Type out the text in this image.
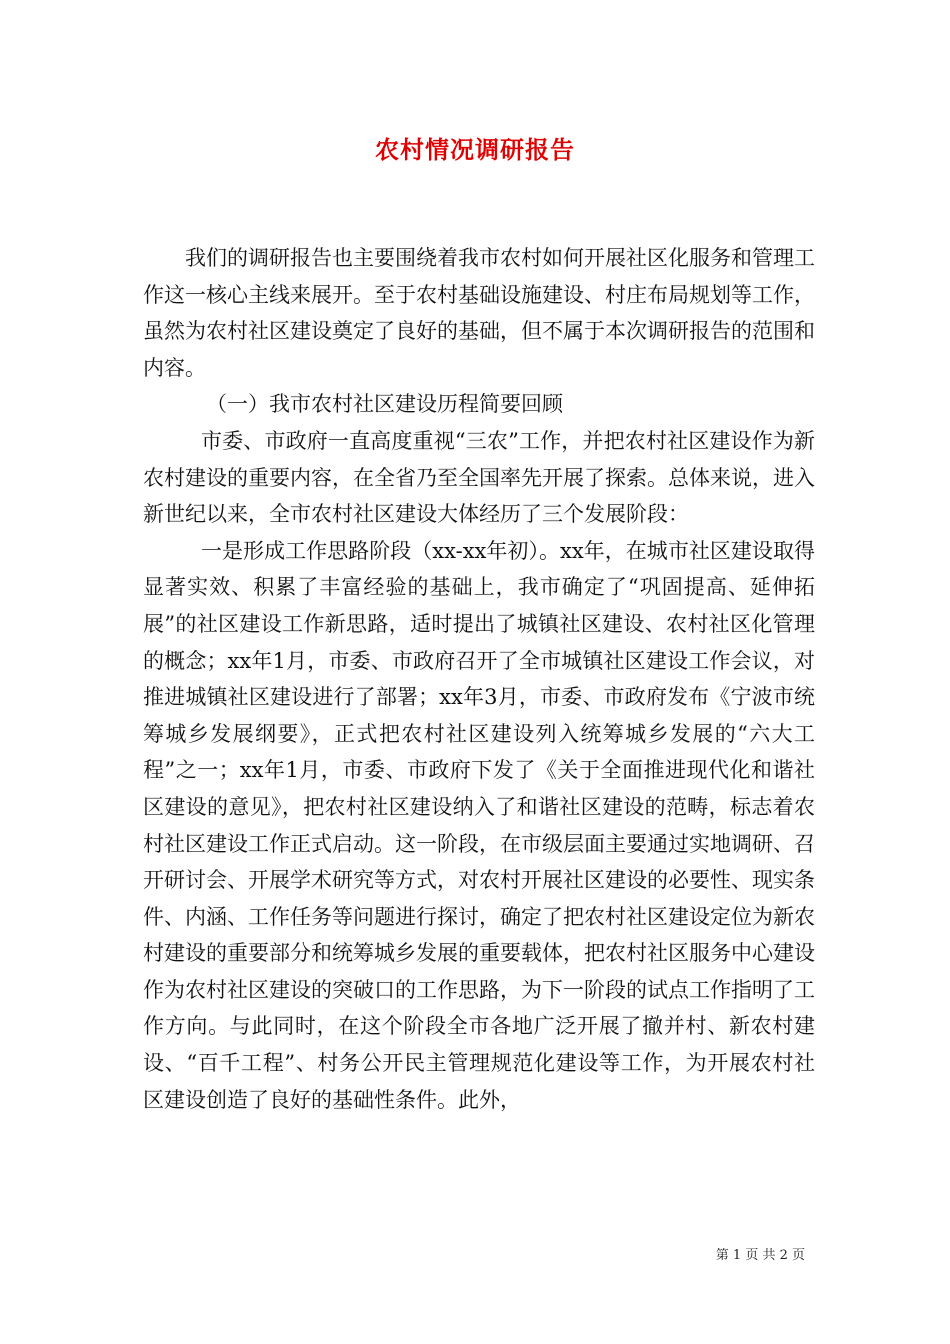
农村情况调研报告

我们的调研报告也主要围绕着我市农村如何开展社区化服务和管理工作这一核心主线来展开。至于农村基础设施建设、村庄布局规划等工作，虽然为农村社区建设奠定了良好的基础，但不属于本次调研报告的范围和内容。

（一）我市农村社区建设历程简要回顾

市委、市政府一直高度重视“三农”工作，并把农村社区建设作为新农村建设的重要内容，在全省乃至全国率先开展了探索。总体来说，进入新世纪以来，全市农村社区建设大体经历了三个发展阶段：

一是形成工作思路阶段（xx-xx年初）。xx年，在城市社区建设取得显著实效、积累了丰富经验的基础上，我市确定了“巩固提高、延伸拓展”的社区建设工作新思路，适时提出了城镇社区建设、农村社区化管理的概念；xx年1月，市委、市政府召开了全市城镇社区建设工作会议，对推进城镇社区建设进行了部署；xx年3月，市委、市政府发布《宁波市统筹城乡发展纲要》，正式把农村社区建设列入统筹城乡发展的“六大工程”之一；xx年1月，市委、市政府下发了《关于全面推进现代化和谐社区建设的意见》，把农村社区建设纳入了和谐社区建设的范畴，标志着农村社区建设工作正式启动。这一阶段，在市级层面主要通过实地调研、召开研讨会、开展学术研究等方式，对农村开展社区建设的必要性、现实条件、内涵、工作任务等问题进行探讨，确定了把农村社区建设定位为新农村建设的重要部分和统筹城乡发展的重要载体，把农村社区服务中心建设作为农村社区建设的突破口的工作思路，为下一阶段的试点工作指明了工作方向。与此同时，在这个阶段全市各地广泛开展了撤并村、新农村建设、“百千工程”、村务公开民主管理规范化建设等工作，为开展农村社区建设创造了良好的基础性条件。此外，

第 1 页 共 2 页
